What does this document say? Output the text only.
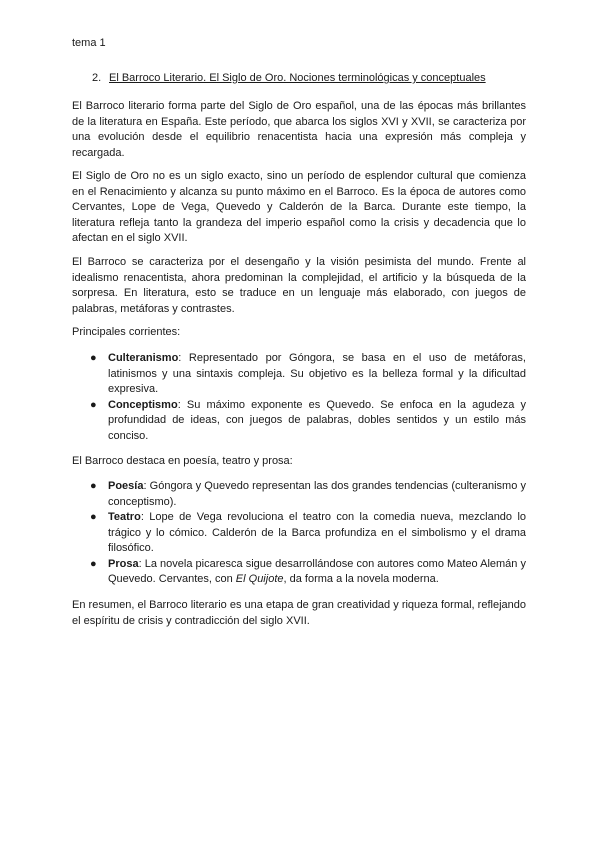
tema 1
2. El Barroco Literario. El Siglo de Oro. Nociones terminológicas y conceptuales

El Barroco literario forma parte del Siglo de Oro español, una de las épocas más brillantes de la literatura en España. Este período, que abarca los siglos XVI y XVII, se caracteriza por una evolución desde el equilibrio renacentista hacia una expresión más compleja y recargada.

El Siglo de Oro no es un siglo exacto, sino un período de esplendor cultural que comienza en el Renacimiento y alcanza su punto máximo en el Barroco. Es la época de autores como Cervantes, Lope de Vega, Quevedo y Calderón de la Barca. Durante este tiempo, la literatura refleja tanto la grandeza del imperio español como la crisis y decadencia que lo afectan en el siglo XVII.

El Barroco se caracteriza por el desengaño y la visión pesimista del mundo. Frente al idealismo renacentista, ahora predominan la complejidad, el artificio y la búsqueda de la sorpresa. En literatura, esto se traduce en un lenguaje más elaborado, con juegos de palabras, metáforas y contrastes.

Principales corrientes:

●	Culteranismo: Representado por Góngora, se basa en el uso de metáforas, latinismos y una sintaxis compleja. Su objetivo es la belleza formal y la dificultad expresiva.
●	Conceptismo: Su máximo exponente es Quevedo. Se enfoca en la agudeza y profundidad de ideas, con juegos de palabras, dobles sentidos y un estilo más conciso.

El Barroco destaca en poesía, teatro y prosa:

●	Poesía: Góngora y Quevedo representan las dos grandes tendencias (culteranismo y conceptismo).
●	Teatro: Lope de Vega revoluciona el teatro con la comedia nueva, mezclando lo trágico y lo cómico. Calderón de la Barca profundiza en el simbolismo y el drama filosófico.
●	Prosa: La novela picaresca sigue desarrollándose con autores como Mateo Alemán y Quevedo. Cervantes, con El Quijote, da forma a la novela moderna.

En resumen, el Barroco literario es una etapa de gran creatividad y riqueza formal, reflejando el espíritu de crisis y contradicción del siglo XVII.
